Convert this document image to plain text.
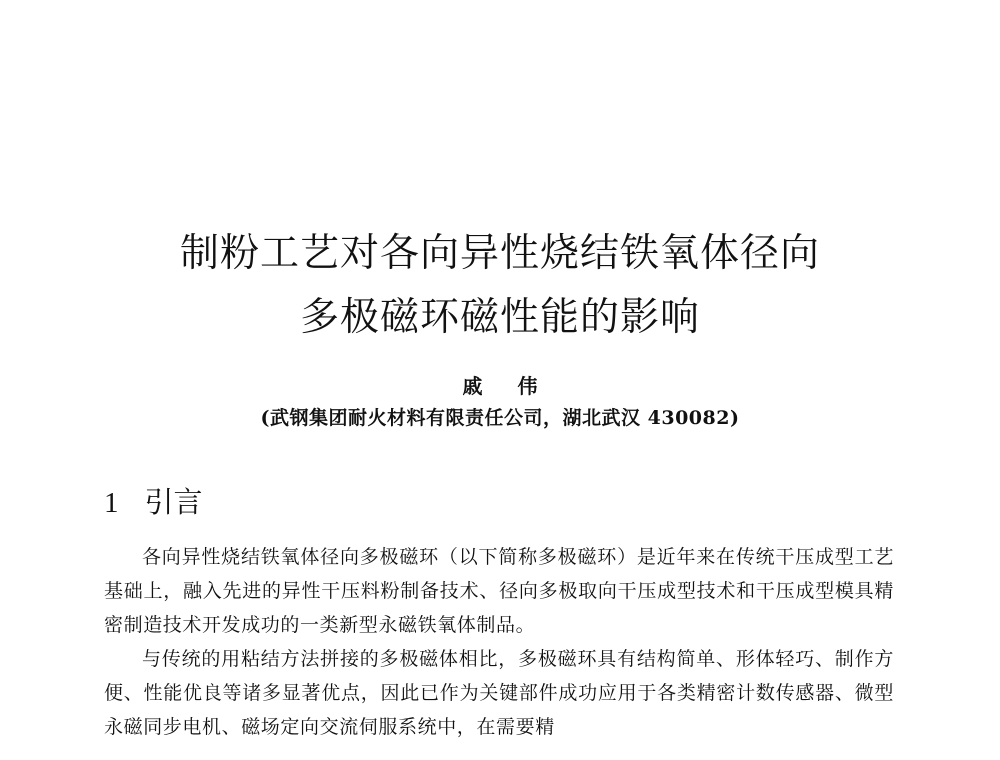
制粉工艺对各向异性烧结铁氧体径向
多极磁环磁性能的影响
戚 伟
(武钢集团耐火材料有限责任公司，湖北武汉 430082)
1 引言

各向异性烧结铁氧体径向多极磁环（以下简称多极磁环）是近年来在传统干压成型工艺基础上，融入先进的异性干压料粉制备技术、径向多极取向干压成型技术和干压成型模具精密制造技术开发成功的一类新型永磁铁氧体制品。

与传统的用粘结方法拼接的多极磁体相比，多极磁环具有结构简单、形体轻巧、制作方便、性能优良等诸多显著优点，因此已作为关键部件成功应用于各类精密计数传感器、微型永磁同步电机、磁场定向交流伺服系统中，在需要精
